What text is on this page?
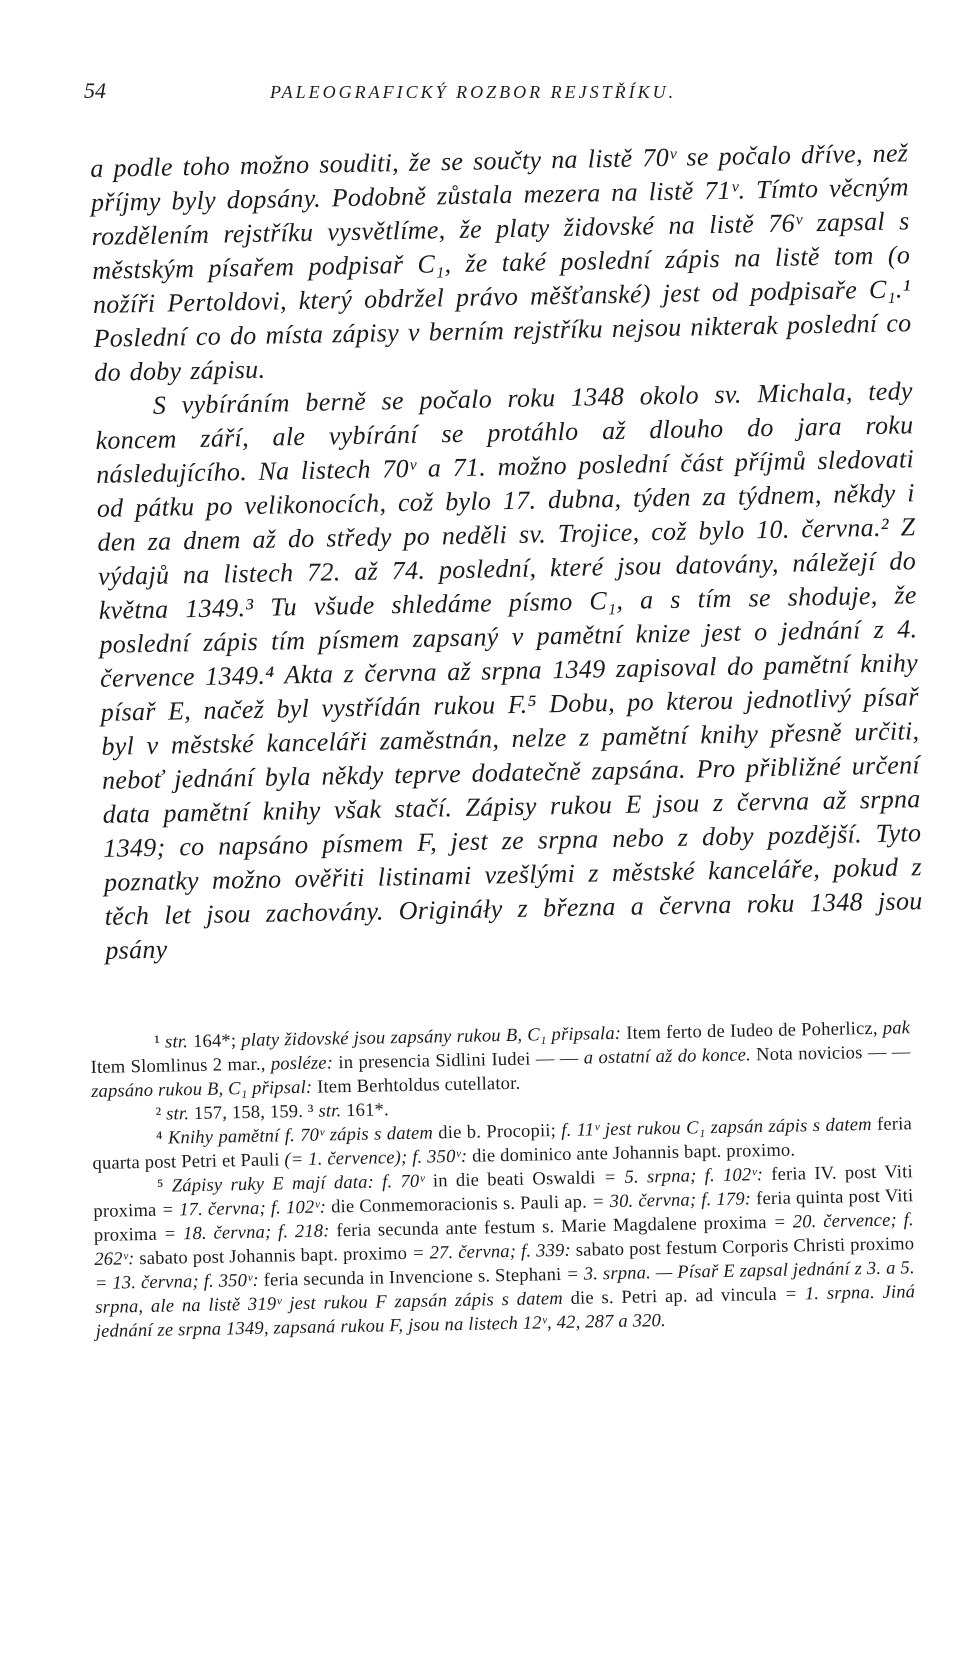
54	PALEOGRAFICKÝ ROZBOR REJSTŘÍKU.

a podle toho možno souditi, že se součty na listě 70ᵛ se počalo dříve, než příjmy byly dopsány. Podobně zůstala mezera na listě 71ᵛ. Tímto věcným rozdělením rejstříku vysvětlíme, že platy židovské na listě 76ᵛ zapsal s městským písařem podpisař C₁, že také poslední zápis na listě tom (o nožíři Pertoldovi, který obdržel právo měšťanské) jest od podpisaře C₁.¹ Poslední co do místa zápisy v berním rejstříku nejsou nikterak poslední co do doby zápisu.

S vybíráním berně se počalo roku 1348 okolo sv. Michala, tedy koncem září, ale vybírání se protáhlo až dlouho do jara roku následujícího. Na listech 70ᵛ a 71. možno poslední část příjmů sledovati od pátku po velikonocích, což bylo 17. dubna, týden za týdnem, někdy i den za dnem až do středy po neděli sv. Trojice, což bylo 10. června.² Z výdajů na listech 72. až 74. poslední, které jsou datovány, náležejí do května 1349.³ Tu všude shledáme písmo C₁, a s tím se shoduje, že poslední zápis tím písmem zapsaný v pamětní knize jest o jednání z 4. července 1349.⁴ Akta z června až srpna 1349 zapisoval do pamětní knihy písař E, načež byl vystřídán rukou F.⁵ Dobu, po kterou jednotlivý písař byl v městské kanceláři zaměstnán, nelze z pamětní knihy přesně určiti, neboť jednání byla někdy teprve dodatečně zapsána. Pro přibližné určení data pamětní knihy však stačí. Zápisy rukou E jsou z června až srpna 1349; co napsáno písmem F, jest ze srpna nebo z doby pozdější. Tyto poznatky možno ověřiti listinami vzešlými z městské kanceláře, pokud z těch let jsou zachovány. Origináły z března a června roku 1348 jsou psány

¹ str. 164*; platy židovské jsou zapsány rukou B, C₁ připsala: Item ferto de Iudeo de Poherlicz, pak Item Slomlinus 2 mar., posléze: in presencia Sidlini Iudei — — a ostatní až do konce. Nota novicios — — zapsáno rukou B, C₁ připsal: Item Berhtoldus cutellator.

² str. 157, 158, 159. ³ str. 161*.

⁴ Knihy pamětní f. 70ᵛ zápis s datem die b. Procopii; f. 11ᵛ jest rukou C₁ zapsán zápis s datem feria quarta post Petri et Pauli (= 1. července); f. 350ᵛ: die dominico ante Johannis bapt. proximo.

⁵ Zápisy ruky E mají data: f. 70ᵛ in die beati Oswaldi = 5. srpna; f. 102ᵛ: feria IV. post Viti proxima = 17. června; f. 102ᵛ: die Conmemoracionis s. Pauli ap. = 30. června; f. 179: feria quinta post Viti proxima = 18. června; f. 218: feria secunda ante festum s. Marie Magdalene proxima = 20. července; f. 262ᵛ: sabato post Johannis bapt. proximo = 27. června; f. 339: sabato post festum Corporis Christi proximo = 13. června; f. 350ᵛ: feria secunda in Invencione s. Stephani = 3. srpna. — Písař E zapsal jednání z 3. a 5. srpna, ale na listě 319ᵛ jest rukou F zapsán zápis s datem die s. Petri ap. ad vincula = 1. srpna. Jiná jednání ze srpna 1349, zapsaná rukou F, jsou na listech 12ᵛ, 42, 287 a 320.
